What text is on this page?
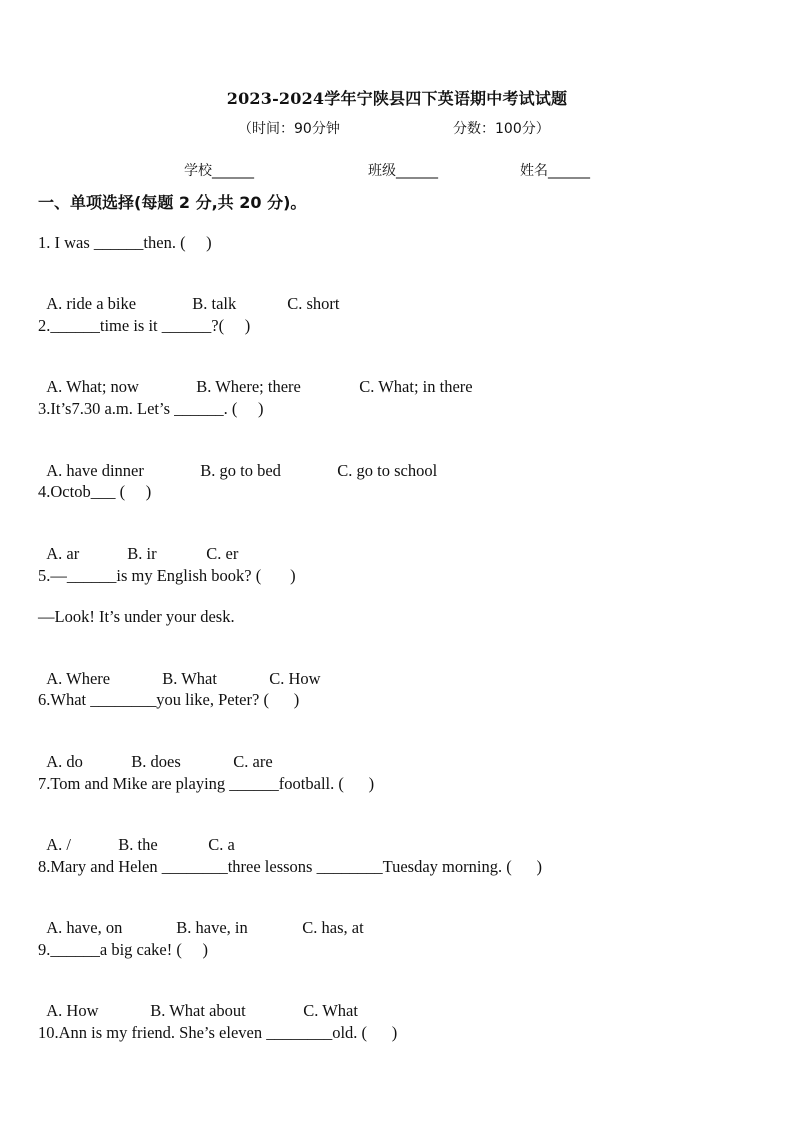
2023-2024学年宁陕县四下英语期中考试试题
（时间：90分钟	分数：100分）
学校______	班级______	姓名______
一、单项选择(每题 2 分,共 20 分)。
1. I was ______then. (     )

A. ride a bike	B. talk	C. short

2.______time is it ______?(     )

A. What; now	B. Where; there	C. What; in there

3.It’s7.30 a.m. Let’s ______. (     )

A. have dinner	B. go to bed	C. go to school

4.Octob___ (     )

A. ar	B. ir	C. er

5.—______is my English book? (       )
—Look! It’s under your desk.

A. Where	B. What	C. How

6.What ________you like, Peter? (      )

A. do	B. does	C. are

7.Tom and Mike are playing ______football. (      )

A. /	B. the	C. a

8.Mary and Helen ________three lessons ________Tuesday morning. (      )

A. have, on	B. have, in	C. has, at

9.______a big cake! (     )

A. How	B. What about	C. What

10.Ann is my friend. She’s eleven ________old. (      )
